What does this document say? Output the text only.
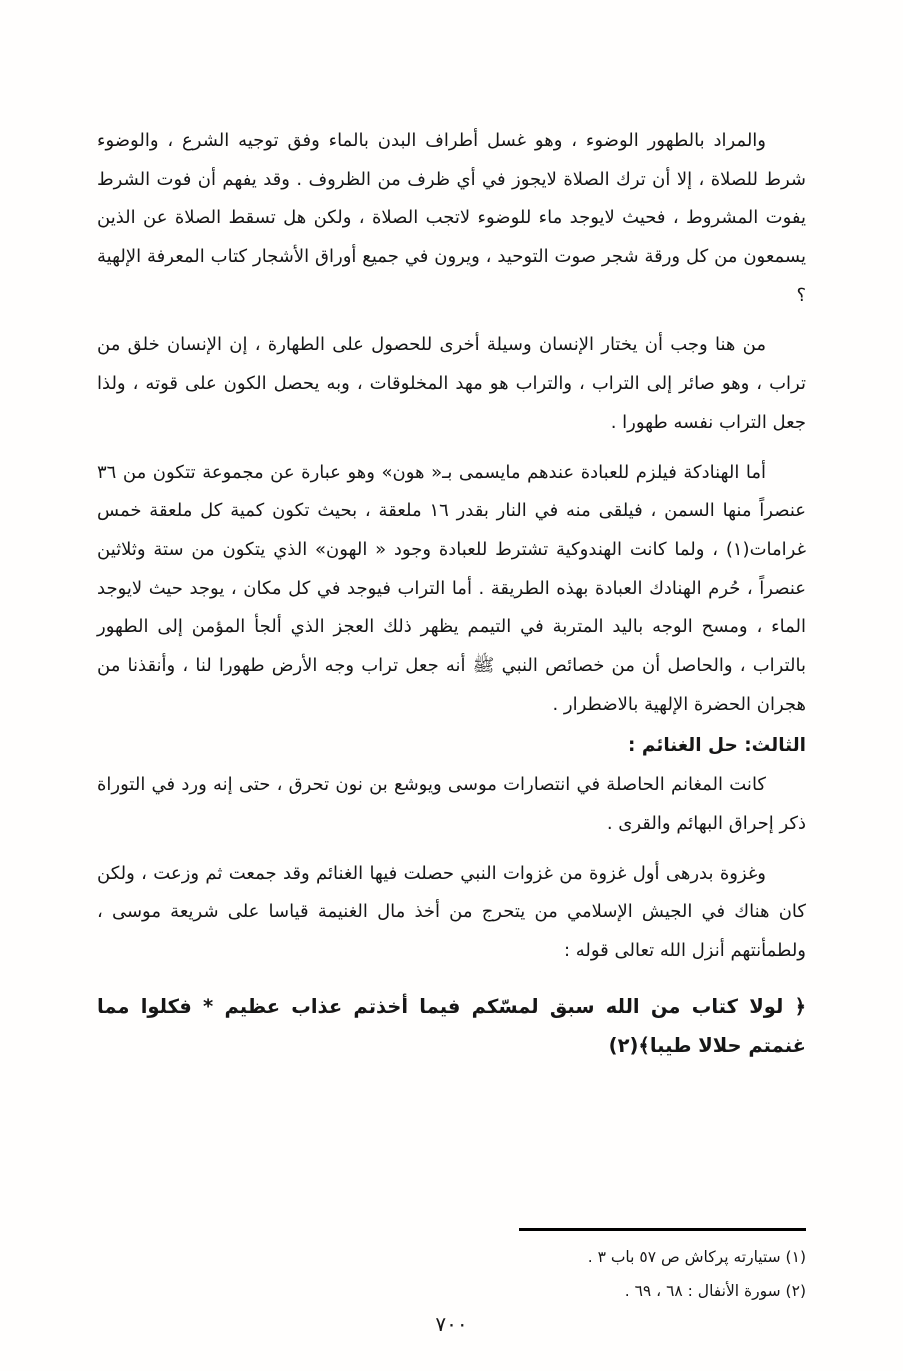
والمراد بالطهور الوضوء ، وهو غسل أطراف البدن بالماء وفق توجيه الشرع ، والوضوء شرط للصلاة ، إلا أن ترك الصلاة لايجوز في أي ظرف من الظروف . وقد يفهم أن فوت الشرط يفوت المشروط ، فحيث لايوجد ماء للوضوء لاتجب الصلاة ، ولكن هل تسقط الصلاة عن الذين يسمعون من كل ورقة شجر صوت التوحيد ، ويرون في جميع أوراق الأشجار كتاب المعرفة الإلهية ؟

من هنا وجب أن يختار الإنسان وسيلة أخرى للحصول على الطهارة ، إن الإنسان خلق من تراب ، وهو صائر إلى التراب ، والتراب هو مهد المخلوقات ، وبه يحصل الكون على قوته ، ولذا جعل التراب نفسه طهورا .

أما الهنادكة فيلزم للعبادة عندهم مايسمى بـ« هون» وهو عبارة عن مجموعة تتكون من ٣٦ عنصراً منها السمن ، فيلقى منه في النار بقدر ١٦ ملعقة ، بحيث تكون كمية كل ملعقة خمس غرامات(١) ، ولما كانت الهندوكية تشترط للعبادة وجود « الهون» الذي يتكون من ستة وثلاثين عنصراً ، حُرم الهنادك العبادة بهذه الطريقة . أما التراب فيوجد في كل مكان ، يوجد حيث لايوجد الماء ، ومسح الوجه باليد المتربة في التيمم يظهر ذلك العجز الذي ألجأ المؤمن إلى الطهور بالتراب ، والحاصل أن من خصائص النبي ﷺ أنه جعل تراب وجه الأرض طهورا لنا ، وأنقذنا من هجران الحضرة الإلهية بالاضطرار .

الثالث: حل الغنائم :

كانت المغانم الحاصلة في انتصارات موسى ويوشع بن نون تحرق ، حتى إنه ورد في التوراة ذكر إحراق البهائم والقرى .

وغزوة بدرهى أول غزوة من غزوات النبي حصلت فيها الغنائم وقد جمعت ثم وزعت ، ولكن كان هناك في الجيش الإسلامي من يتحرج من أخذ مال الغنيمة قياسا على شريعة موسى ، ولطمأنتهم أنزل الله تعالى قوله :

﴿ لولا كتاب من الله سبق لمسّكم فيما أخذتم عذاب عظيم * فكلوا مما غنمتم حلالا طيبا﴾(٢)

(١) ستيارته پركاش ص ٥٧ باب ٣ .

(٢) سورة الأنفال : ٦٨ ، ٦٩ .

٧٠٠
